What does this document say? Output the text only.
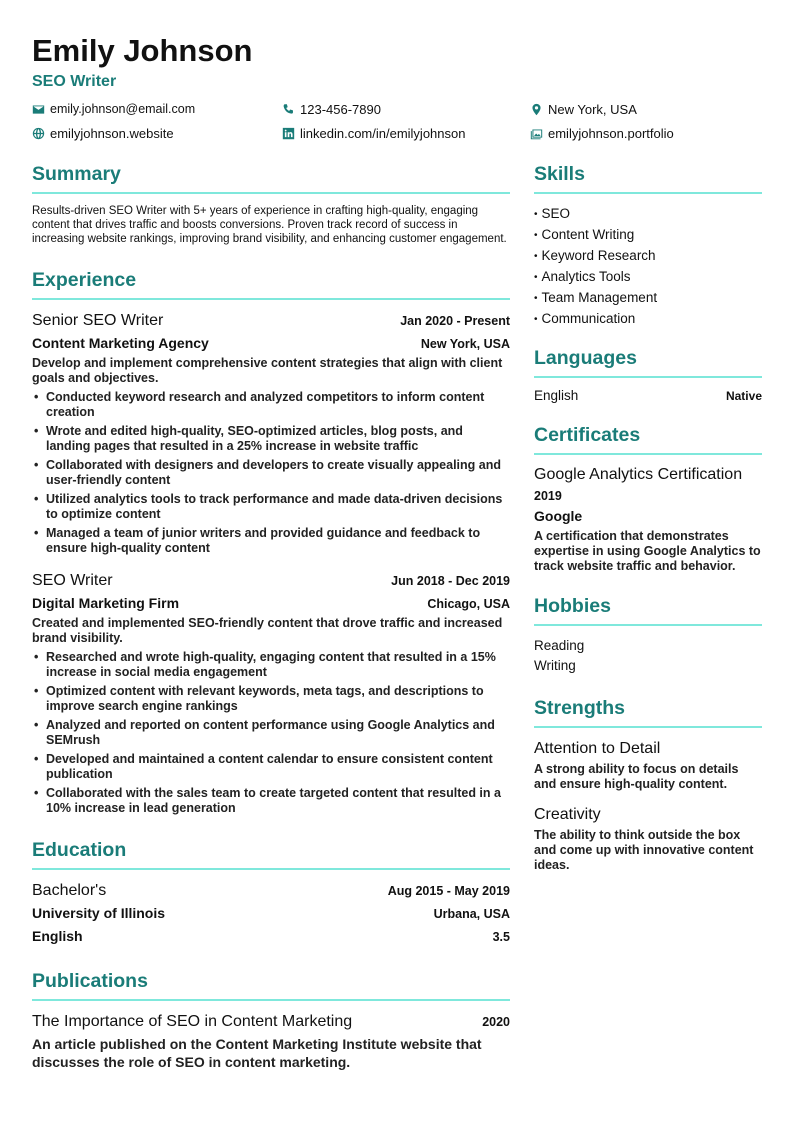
Emily Johnson
SEO Writer
emily.johnson@email.com	123-456-7890	New York, USA
emilyjohnson.website	linkedin.com/in/emilyjohnson	emilyjohnson.portfolio
Summary
Results-driven SEO Writer with 5+ years of experience in crafting high-quality, engaging content that drives traffic and boosts conversions. Proven track record of success in increasing website rankings, improving brand visibility, and enhancing customer engagement.
Experience
Senior SEO Writer	Jan 2020 - Present
Content Marketing Agency	New York, USA
Develop and implement comprehensive content strategies that align with client goals and objectives.
• Conducted keyword research and analyzed competitors to inform content creation
• Wrote and edited high-quality, SEO-optimized articles, blog posts, and landing pages that resulted in a 25% increase in website traffic
• Collaborated with designers and developers to create visually appealing and user-friendly content
• Utilized analytics tools to track performance and made data-driven decisions to optimize content
• Managed a team of junior writers and provided guidance and feedback to ensure high-quality content
SEO Writer	Jun 2018 - Dec 2019
Digital Marketing Firm	Chicago, USA
Created and implemented SEO-friendly content that drove traffic and increased brand visibility.
• Researched and wrote high-quality, engaging content that resulted in a 15% increase in social media engagement
• Optimized content with relevant keywords, meta tags, and descriptions to improve search engine rankings
• Analyzed and reported on content performance using Google Analytics and SEMrush
• Developed and maintained a content calendar to ensure consistent content publication
• Collaborated with the sales team to create targeted content that resulted in a 10% increase in lead generation
Education
Bachelor's	Aug 2015 - May 2019
University of Illinois	Urbana, USA
English	3.5
Publications
The Importance of SEO in Content Marketing	2020
An article published on the Content Marketing Institute website that discusses the role of SEO in content marketing.
Skills
• SEO
• Content Writing
• Keyword Research
• Analytics Tools
• Team Management
• Communication
Languages
English	Native
Certificates
Google Analytics Certification
2019
Google
A certification that demonstrates expertise in using Google Analytics to track website traffic and behavior.
Hobbies
Reading
Writing
Strengths
Attention to Detail
A strong ability to focus on details and ensure high-quality content.
Creativity
The ability to think outside the box and come up with innovative content ideas.
